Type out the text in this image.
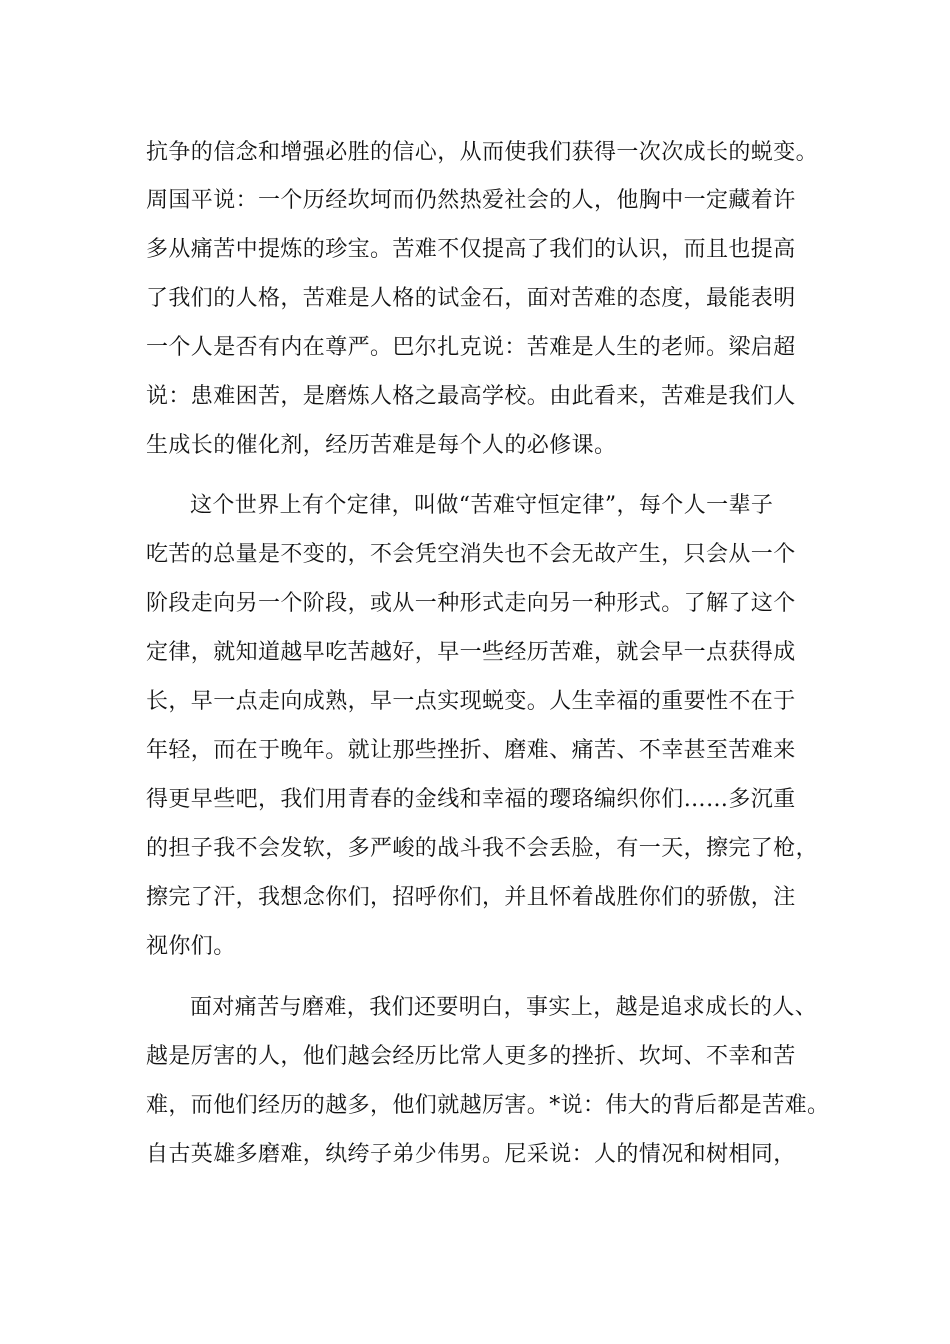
抗争的信念和增强必胜的信心，从而使我们获得一次次成长的蜕变。
周国平说：一个历经坎坷而仍然热爱社会的人，他胸中一定藏着许
多从痛苦中提炼的珍宝。苦难不仅提高了我们的认识，而且也提高
了我们的人格，苦难是人格的试金石，面对苦难的态度，最能表明
一个人是否有内在尊严。巴尔扎克说：苦难是人生的老师。梁启超
说：患难困苦，是磨炼人格之最高学校。由此看来，苦难是我们人
生成长的催化剂，经历苦难是每个人的必修课。
这个世界上有个定律，叫做“苦难守恒定律”，每个人一辈子
吃苦的总量是不变的，不会凭空消失也不会无故产生，只会从一个
阶段走向另一个阶段，或从一种形式走向另一种形式。了解了这个
定律，就知道越早吃苦越好，早一些经历苦难，就会早一点获得成
长，早一点走向成熟，早一点实现蜕变。人生幸福的重要性不在于
年轻，而在于晚年。就让那些挫折、磨难、痛苦、不幸甚至苦难来
得更早些吧，我们用青春的金线和幸福的璎珞编织你们……多沉重
的担子我不会发软，多严峻的战斗我不会丢脸，有一天，擦完了枪，
擦完了汗，我想念你们，招呼你们，并且怀着战胜你们的骄傲，注
视你们。
面对痛苦与磨难，我们还要明白，事实上，越是追求成长的人、
越是厉害的人，他们越会经历比常人更多的挫折、坎坷、不幸和苦
难，而他们经历的越多，他们就越厉害。*说：伟大的背后都是苦难。
自古英雄多磨难，纨绔子弟少伟男。尼采说：人的情况和树相同，
